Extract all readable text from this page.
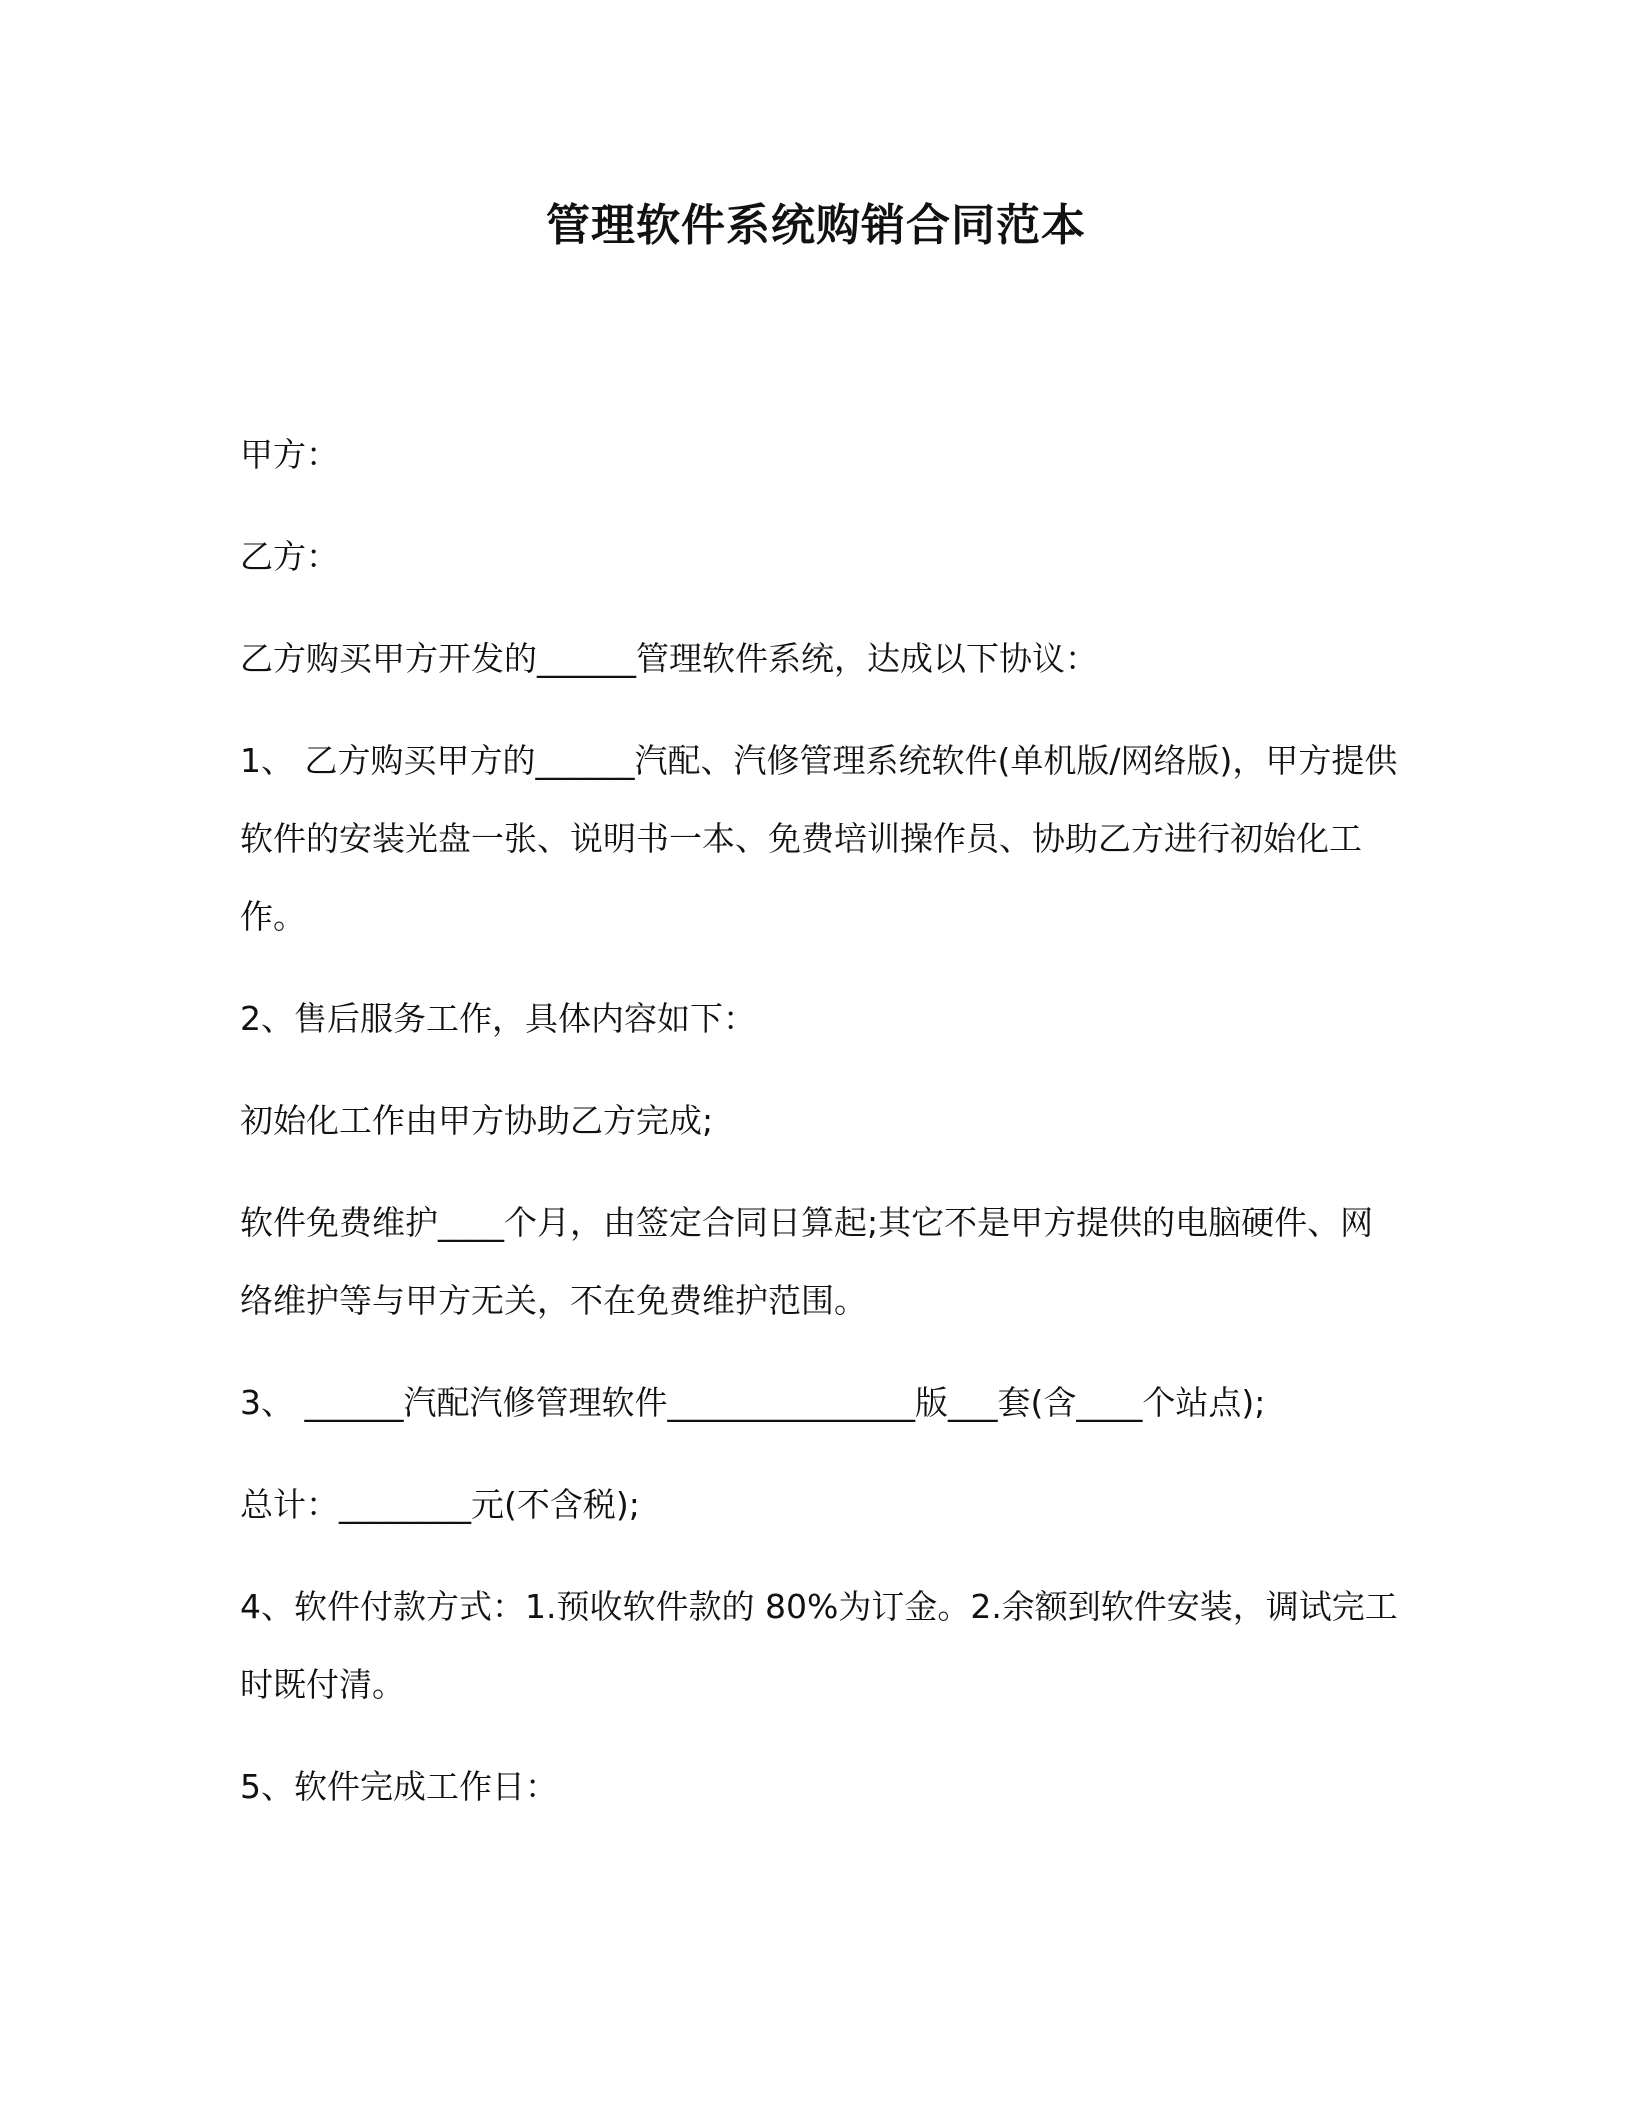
管理软件系统购销合同范本

甲方：

乙方：

乙方购买甲方开发的______管理软件系统，达成以下协议：

1、 乙方购买甲方的______汽配、汽修管理系统软件(单机版/网络版)，甲方提供软件的安装光盘一张、说明书一本、免费培训操作员、协助乙方进行初始化工作。

2、售后服务工作，具体内容如下：

初始化工作由甲方协助乙方完成;

软件免费维护____个月，由签定合同日算起;其它不是甲方提供的电脑硬件、网络维护等与甲方无关，不在免费维护范围。

3、 ______汽配汽修管理软件_______________版___套(含____个站点);

总计：________元(不含税);

4、软件付款方式：1.预收软件款的 80%为订金。2.余额到软件安装，调试完工时既付清。

5、软件完成工作日：
